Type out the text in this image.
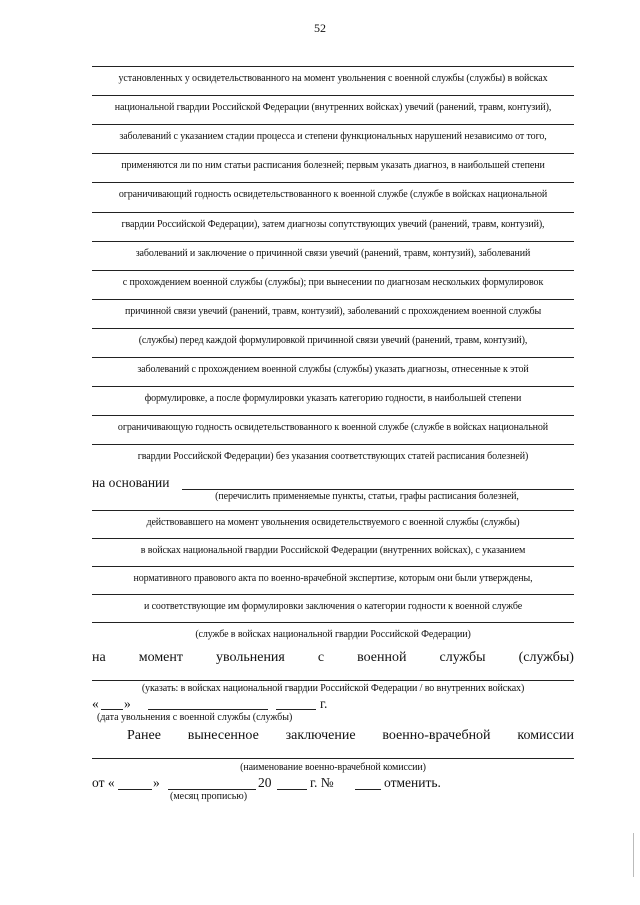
52
установленных у освидетельствованного на момент увольнения с военной службы (службы) в войсках
национальной гвардии Российской Федерации (внутренних войсках) увечий (ранений, травм, контузий),
заболеваний с указанием стадии процесса и степени функциональных нарушений независимо от того,
применяются ли по ним статьи расписания болезней; первым указать диагноз, в наибольшей степени
ограничивающий годность освидетельствованного к военной службе (службе в войсках национальной
гвардии Российской Федерации), затем диагнозы сопутствующих увечий (ранений, травм, контузий),
заболеваний и заключение о причинной связи увечий (ранений, травм, контузий), заболеваний
с прохождением военной службы (службы); при вынесении по диагнозам нескольких формулировок
причинной связи увечий (ранений, травм, контузий), заболеваний с прохождением военной службы
(службы) перед каждой формулировкой причинной связи увечий (ранений, травм, контузий),
заболеваний с прохождением военной службы (службы) указать диагнозы, отнесенные к этой
формулировке, а после формулировки указать категорию годности, в наибольшей степени
ограничивающую годность освидетельствованного к военной службе (службе в войсках национальной
гвардии Российской Федерации) без указания соответствующих статей расписания болезней)
на основании
(перечислить применяемые пункты, статьи, графы расписания болезней,
действовавшего на момент увольнения освидетельствуемого с военной службы (службы)
в войсках национальной гвардии Российской Федерации (внутренних войсках), с указанием
нормативного правового акта по военно-врачебной экспертизе, которым они были утверждены,
и соответствующие им формулировки заключения о категории годности к военной службе
(службе в войсках национальной гвардии Российской Федерации)
на момент увольнения с военной службы (службы)
(указать: в войсках национальной гвардии Российской Федерации / во внутренних войсках)
« »	г.
(дата увольнения с военной службы (службы)
Ранее вынесенное заключение военно-врачебной комиссии
(наименование военно-врачебной комиссии)
от «	»	20	г. №	отменить.
(месяц прописью)
